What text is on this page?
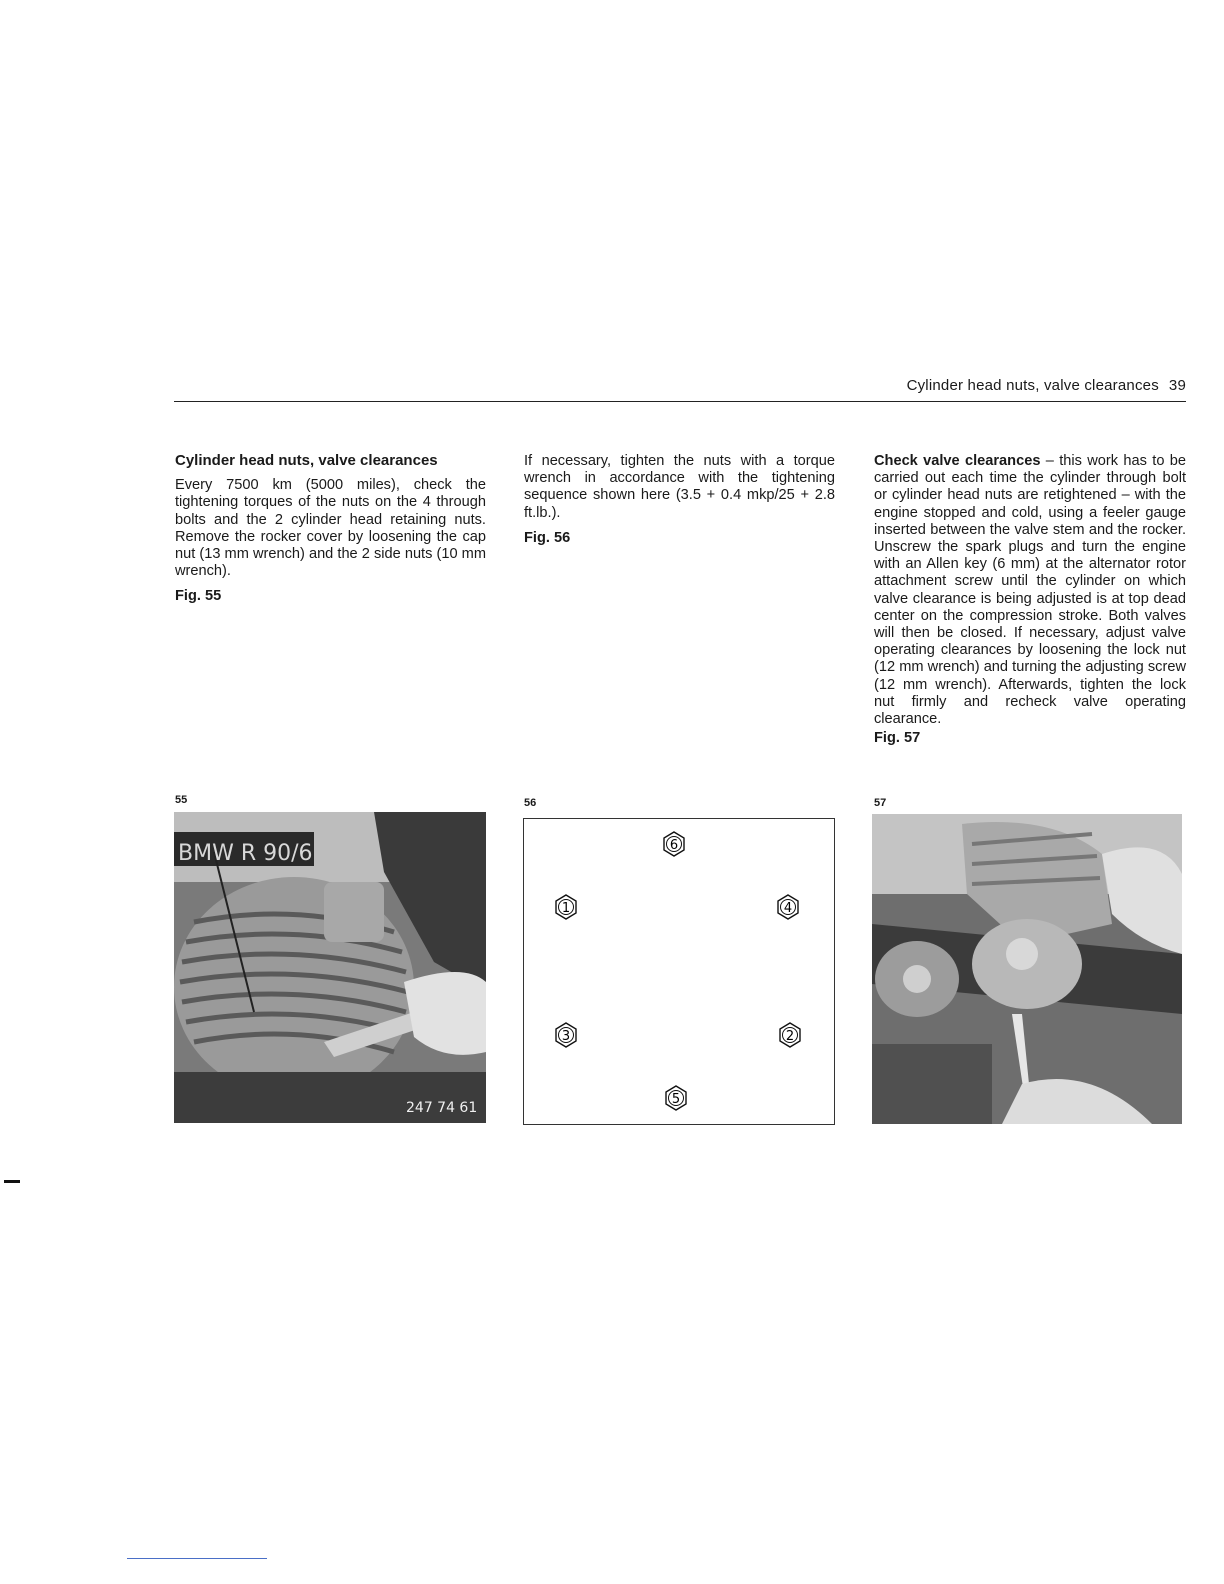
Cylinder head nuts, valve clearances 39

Cylinder head nuts, valve clearances

Every 7500 km (5000 miles), check the tightening torques of the nuts on the 4 through bolts and the 2 cylinder head retaining nuts. Remove the rocker cover by loosening the cap nut (13 mm wrench) and the 2 side nuts (10 mm wrench).

Fig. 55

If necessary, tighten the nuts with a torque wrench in accordance with the tightening sequence shown here (3.5 + 0.4 mkp/25 + 2.8 ft.lb.).

Fig. 56

Check valve clearances – this work has to be carried out each time the cylinder through bolt or cylinder head nuts are retightened – with the engine stopped and cold, using a feeler gauge inserted between the valve stem and the rocker. Unscrew the spark plugs and turn the engine with an Allen key (6 mm) at the alternator rotor attachment screw until the cylinder on which valve clearance is being adjusted is at top dead center on the compression stroke. Both valves will then be closed. If necessary, adjust valve operating clearances by loosening the lock nut (12 mm wrench) and turning the adjusting screw (12 mm wrench). Afterwards, tighten the lock nut firmly and recheck valve operating clearance.

Fig. 57

55	56	57
BMW R 90/6
247 74 61
6
1	4
3	2
5
